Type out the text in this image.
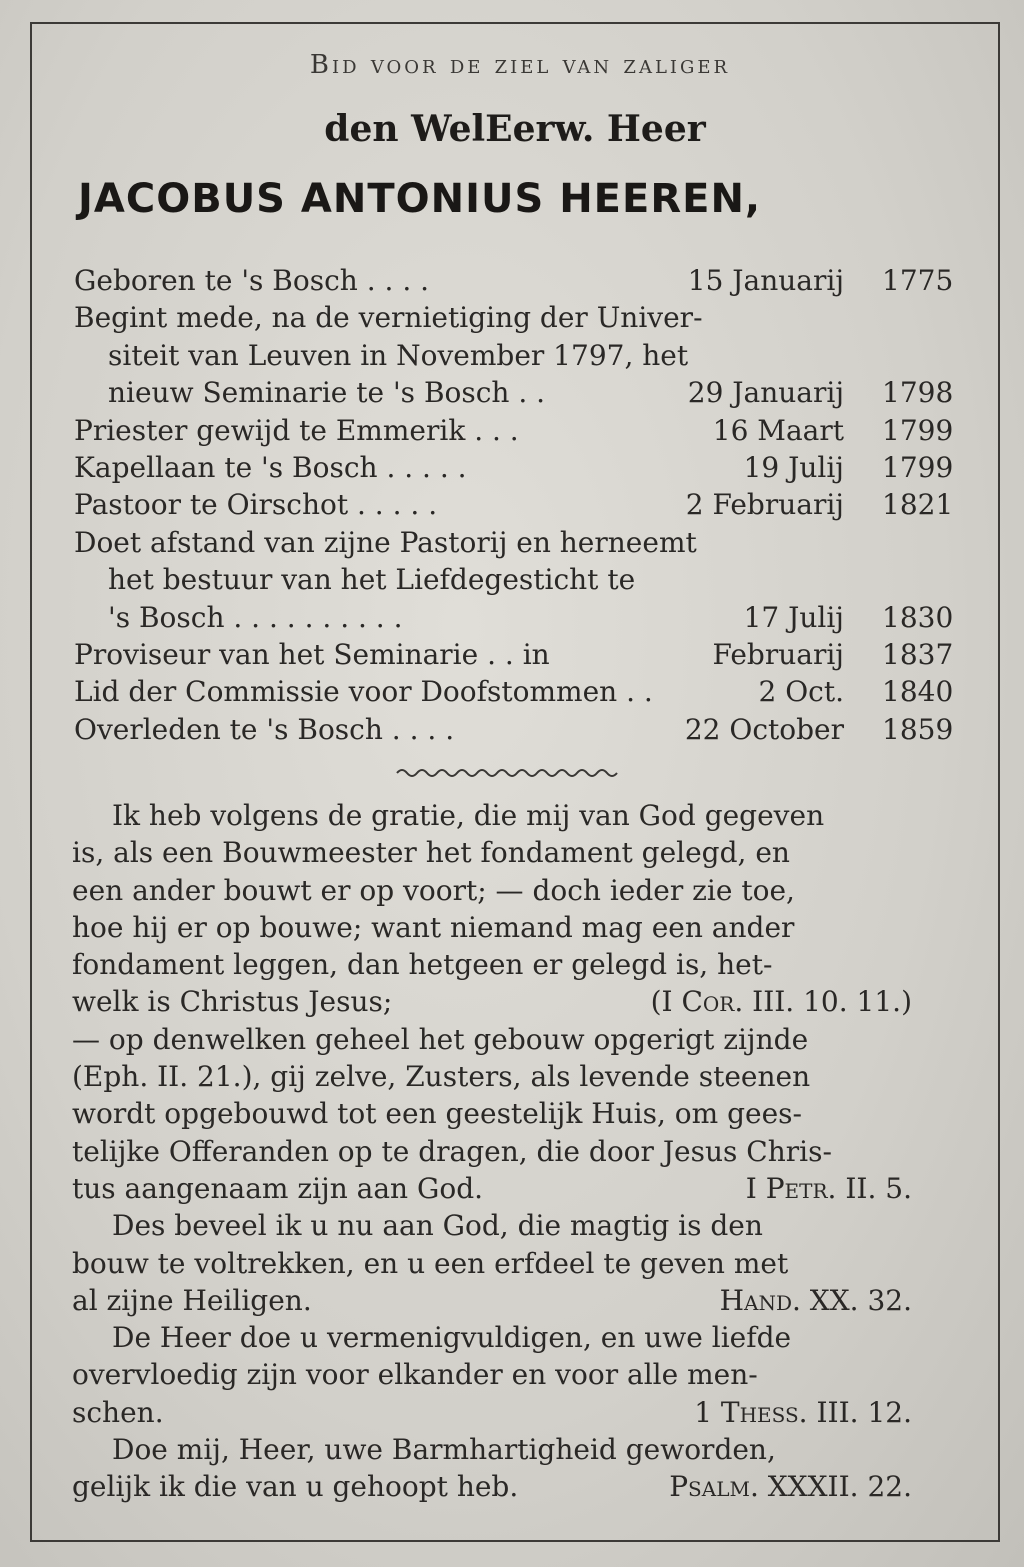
Bid voor de ziel van zaliger
den WelEerw. Heer
JACOBUS ANTONIUS HEEREN,
Geboren te 's Bosch . . . .	15 Januarij 1775
Begint mede, na de vernietiging der Univer-
siteit van Leuven in November 1797, het
nieuw Seminarie te 's Bosch . .	29 Januarij 1798
Priester gewijd te Emmerik . . .	16 Maart 1799
Kapellaan te 's Bosch . . . . .	19 Julij 1799
Pastoor te Oirschot . . . . .	2 Februarij 1821
Doet afstand van zijne Pastorij en herneemt
het bestuur van het Liefdegesticht te
's Bosch . . . . . . . . . .	17 Julij 1830
Proviseur van het Seminarie . . in	Februarij 1837
Lid der Commissie voor Doofstommen . .	2 Oct. 1840
Overleden te 's Bosch . . . .	22 October 1859
Ik heb volgens de gratie, die mij van God gegeven
is, als een Bouwmeester het fondament gelegd, en
een ander bouwt er op voort; — doch ieder zie toe,
hoe hij er op bouwe; want niemand mag een ander
fondament leggen, dan hetgeen er gelegd is, het-
(I Cor. III. 10. 11.)
welk is Christus Jesus;
— op denwelken geheel het gebouw opgerigt zijnde
(Eph. II. 21.), gij zelve, Zusters, als levende steenen
wordt opgebouwd tot een geestelijk Huis, om gees-
telijke Offeranden op te dragen, die door Jesus Chris-
I Petr. II. 5.
tus aangenaam zijn aan God.
Des beveel ik u nu aan God, die magtig is den
bouw te voltrekken, en u een erfdeel te geven met
Hand. XX. 32.
al zijne Heiligen.
De Heer doe u vermenigvuldigen, en uwe liefde
overvloedig zijn voor elkander en voor alle men-
1 Thess. III. 12.
schen.
Doe mij, Heer, uwe Barmhartigheid geworden,
Psalm. XXXII. 22.
gelijk ik die van u gehoopt heb.
